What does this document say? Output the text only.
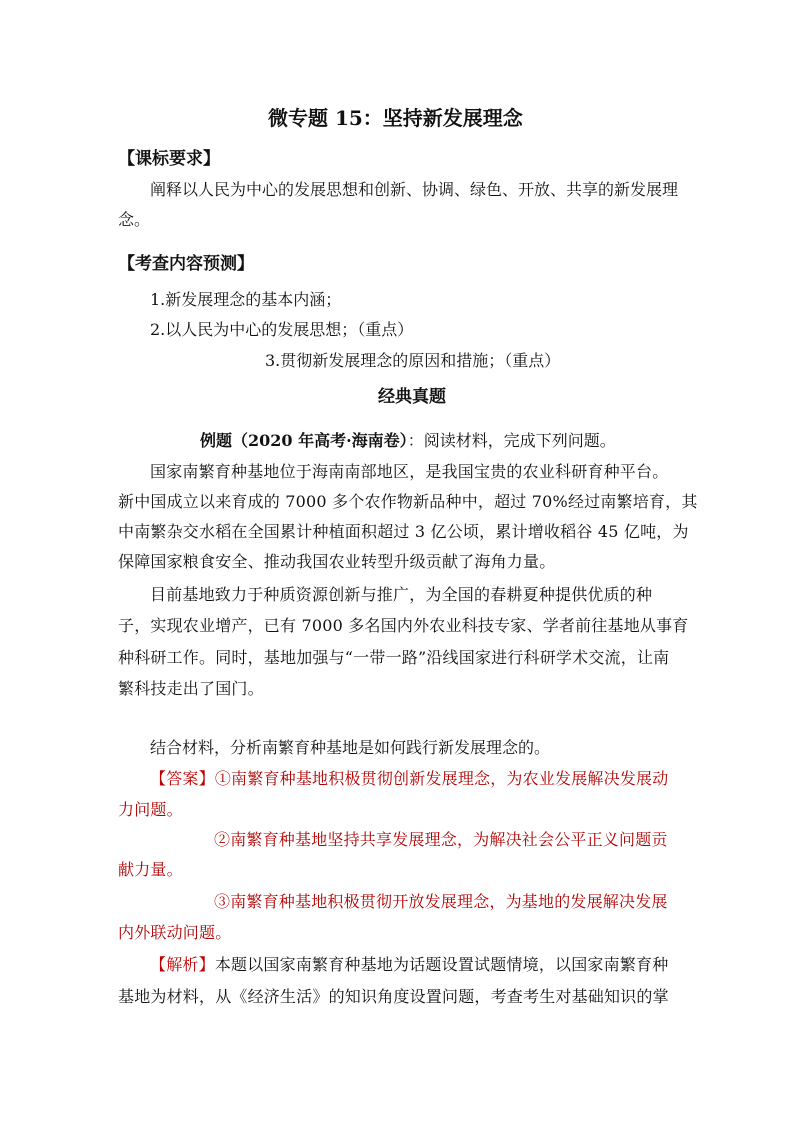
微专题 15：坚持新发展理念
【课标要求】
阐释以人民为中心的发展思想和创新、协调、绿色、开放、共享的新发展理
念。
【考查内容预测】
1.新发展理念的基本内涵；
2.以人民为中心的发展思想；（重点）
3.贯彻新发展理念的原因和措施；（重点）
经典真题
例题（2020 年高考·海南卷）：阅读材料，完成下列问题。
国家南繁育种基地位于海南南部地区，是我国宝贵的农业科研育种平台。
新中国成立以来育成的 7000 多个农作物新品种中，超过 70%经过南繁培育，其
中南繁杂交水稻在全国累计种植面积超过 3 亿公顷，累计增收稻谷 45 亿吨，为
保障国家粮食安全、推动我国农业转型升级贡献了海角力量。
目前基地致力于种质资源创新与推广，为全国的春耕夏种提供优质的种
子，实现农业增产，已有 7000 多名国内外农业科技专家、学者前往基地从事育
种科研工作。同时，基地加强与“一带一路”沿线国家进行科研学术交流，让南
繁科技走出了国门。
结合材料，分析南繁育种基地是如何践行新发展理念的。
【答案】①南繁育种基地积极贯彻创新发展理念，为农业发展解决发展动
力问题。
②南繁育种基地坚持共享发展理念，为解决社会公平正义问题贡
献力量。
③南繁育种基地积极贯彻开放发展理念，为基地的发展解决发展
内外联动问题。
【解析】本题以国家南繁育种基地为话题设置试题情境，以国家南繁育种
基地为材料，从《经济生活》的知识角度设置问题，考查考生对基础知识的掌
